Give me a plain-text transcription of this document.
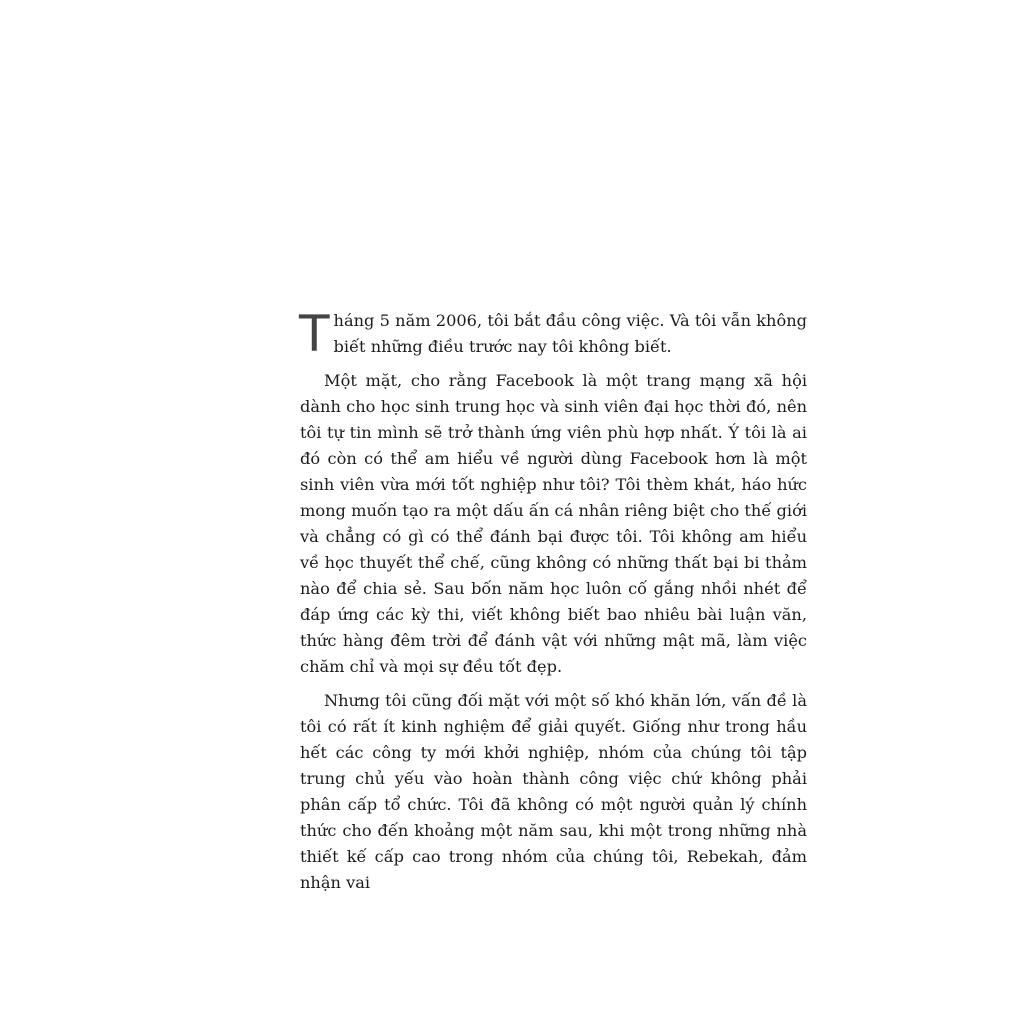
Tháng 5 năm 2006, tôi bắt đầu công việc. Và tôi vẫn không biết những điều trước nay tôi không biết.

Một mặt, cho rằng Facebook là một trang mạng xã hội dành cho học sinh trung học và sinh viên đại học thời đó, nên tôi tự tin mình sẽ trở thành ứng viên phù hợp nhất. Ý tôi là ai đó còn có thể am hiểu về người dùng Facebook hơn là một sinh viên vừa mới tốt nghiệp như tôi? Tôi thèm khát, háo hức mong muốn tạo ra một dấu ấn cá nhân riêng biệt cho thế giới và chẳng có gì có thể đánh bại được tôi. Tôi không am hiểu về học thuyết thể chế, cũng không có những thất bại bi thảm nào để chia sẻ. Sau bốn năm học luôn cố gắng nhồi nhét để đáp ứng các kỳ thi, viết không biết bao nhiêu bài luận văn, thức hàng đêm trời để đánh vật với những mật mã, làm việc chăm chỉ và mọi sự đều tốt đẹp.

Nhưng tôi cũng đối mặt với một số khó khăn lớn, vấn đề là tôi có rất ít kinh nghiệm để giải quyết. Giống như trong hầu hết các công ty mới khởi nghiệp, nhóm của chúng tôi tập trung chủ yếu vào hoàn thành công việc chứ không phải phân cấp tổ chức. Tôi đã không có một người quản lý chính thức cho đến khoảng một năm sau, khi một trong những nhà thiết kế cấp cao trong nhóm của chúng tôi, Rebekah, đảm nhận vai
